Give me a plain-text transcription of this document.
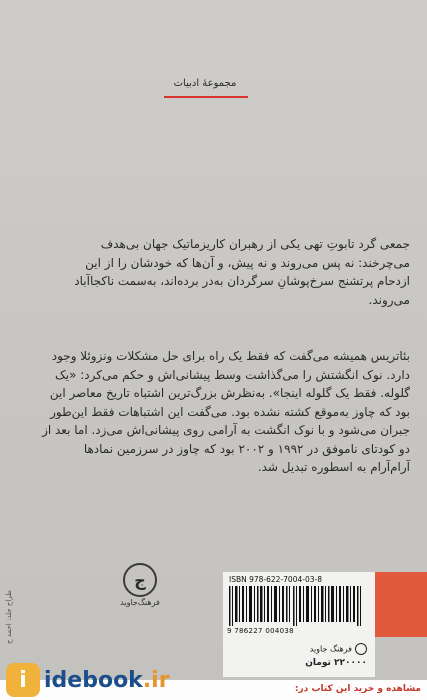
مجموعهٔ ادبیات
جمعی گرد تابوتِ تهی یکی از رهبران کاریزماتیک جهان بی‌هدف
می‌چرخند: نه پس می‌روند و نه پیش، و آن‌ها که خودشان را از این
ازدحام پرتشنج سرخ‌پوشانِ سرگردان به‌در برده‌اند، به‌سمت ناکجاآباد
می‌روند.
بئاتریس همیشه می‌گفت که فقط یک راه برای حل مشکلات ونزوئلا وجود
دارد. نوک انگشتش را می‌گذاشت وسط پیشانی‌اش و حکم می‌کرد: «یک
گلوله. فقط یک گلوله اینجا». به‌نظرش بزرگ‌ترین اشتباه تاریخ معاصر این
بود که چاوز به‌موقع کشته نشده بود. می‌گفت این اشتباهات فقط این‌طور
جبران می‌شود و با نوک انگشت به آرامی روی پیشانی‌اش می‌زد. اما بعد از
دو کودتای ناموفق در ۱۹۹۲ و ۲۰۰۲ بود که چاوز در سرزمین نمادها
آرام‌آرام به اسطوره تبدیل شد.
طراح جلد: احمد ح
ج
فرهنگ‌جاوید
ISBN 978-622-7004-03-8
9 786227 004038
فرهنگ جاوید
۲۲۰۰۰۰ تومان
مشاهده و خرید این کتاب در:
i idebook.ir
